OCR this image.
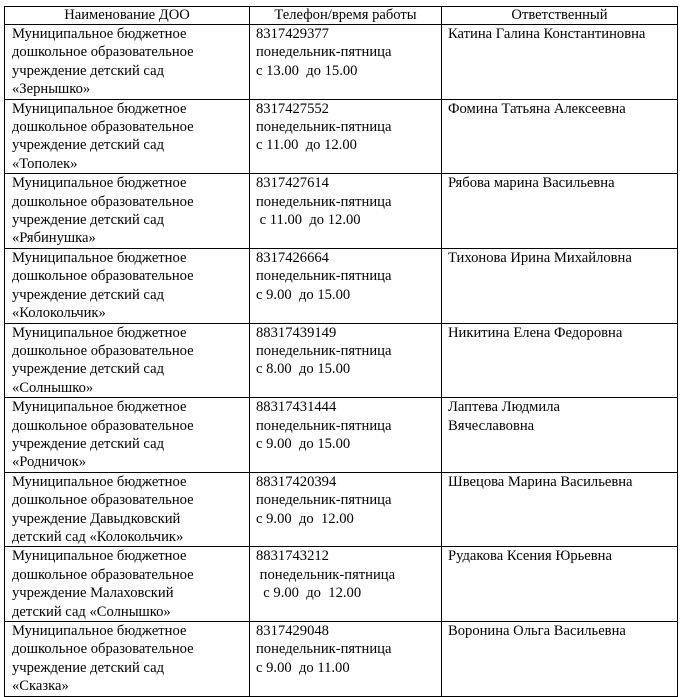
Наименование ДОО	Телефон/время работы	Ответственный

Муниципальное бюджетное
дошкольное образовательное
учреждение детский сад
«Зернышко»	8317429377
понедельник-пятница
с 13.00  до 15.00	Катина Галина Константиновна

Муниципальное бюджетное
дошкольное образовательное
учреждение детский сад
«Тополек»	8317427552
понедельник-пятница
с 11.00  до 12.00	Фомина Татьяна Алексеевна

Муниципальное бюджетное
дошкольное образовательное
учреждение детский сад
«Рябинушка»	8317427614
понедельник-пятница
с 11.00  до 12.00	Рябова марина Васильевна

Муниципальное бюджетное
дошкольное образовательное
учреждение детский сад
«Колокольчик»	8317426664
понедельник-пятница
с 9.00  до 15.00	Тихонова Ирина Михайловна

Муниципальное бюджетное
дошкольное образовательное
учреждение детский сад
«Солнышко»	88317439149
понедельник-пятница
с 8.00  до 15.00	Никитина Елена Федоровна

Муниципальное бюджетное
дошкольное образовательное
учреждение детский сад
«Родничок»	88317431444
понедельник-пятница
с 9.00  до 15.00	Лаптева Людмила
Вячеславовна

Муниципальное бюджетное
дошкольное образовательное
учреждение Давыдковский
детский сад «Колокольчик»	88317420394
понедельник-пятница
с 9.00  до  12.00	Швецова Марина Васильевна

Муниципальное бюджетное
дошкольное образовательное
учреждение Малаховский
детский сад «Солнышко»	8831743212
понедельник-пятница
с 9.00  до  12.00	Рудакова Ксения Юрьевна

Муниципальное бюджетное
дошкольное образовательное
учреждение детский сад
«Сказка»	8317429048
понедельник-пятница
с 9.00  до 11.00	Воронина Ольга Васильевна
